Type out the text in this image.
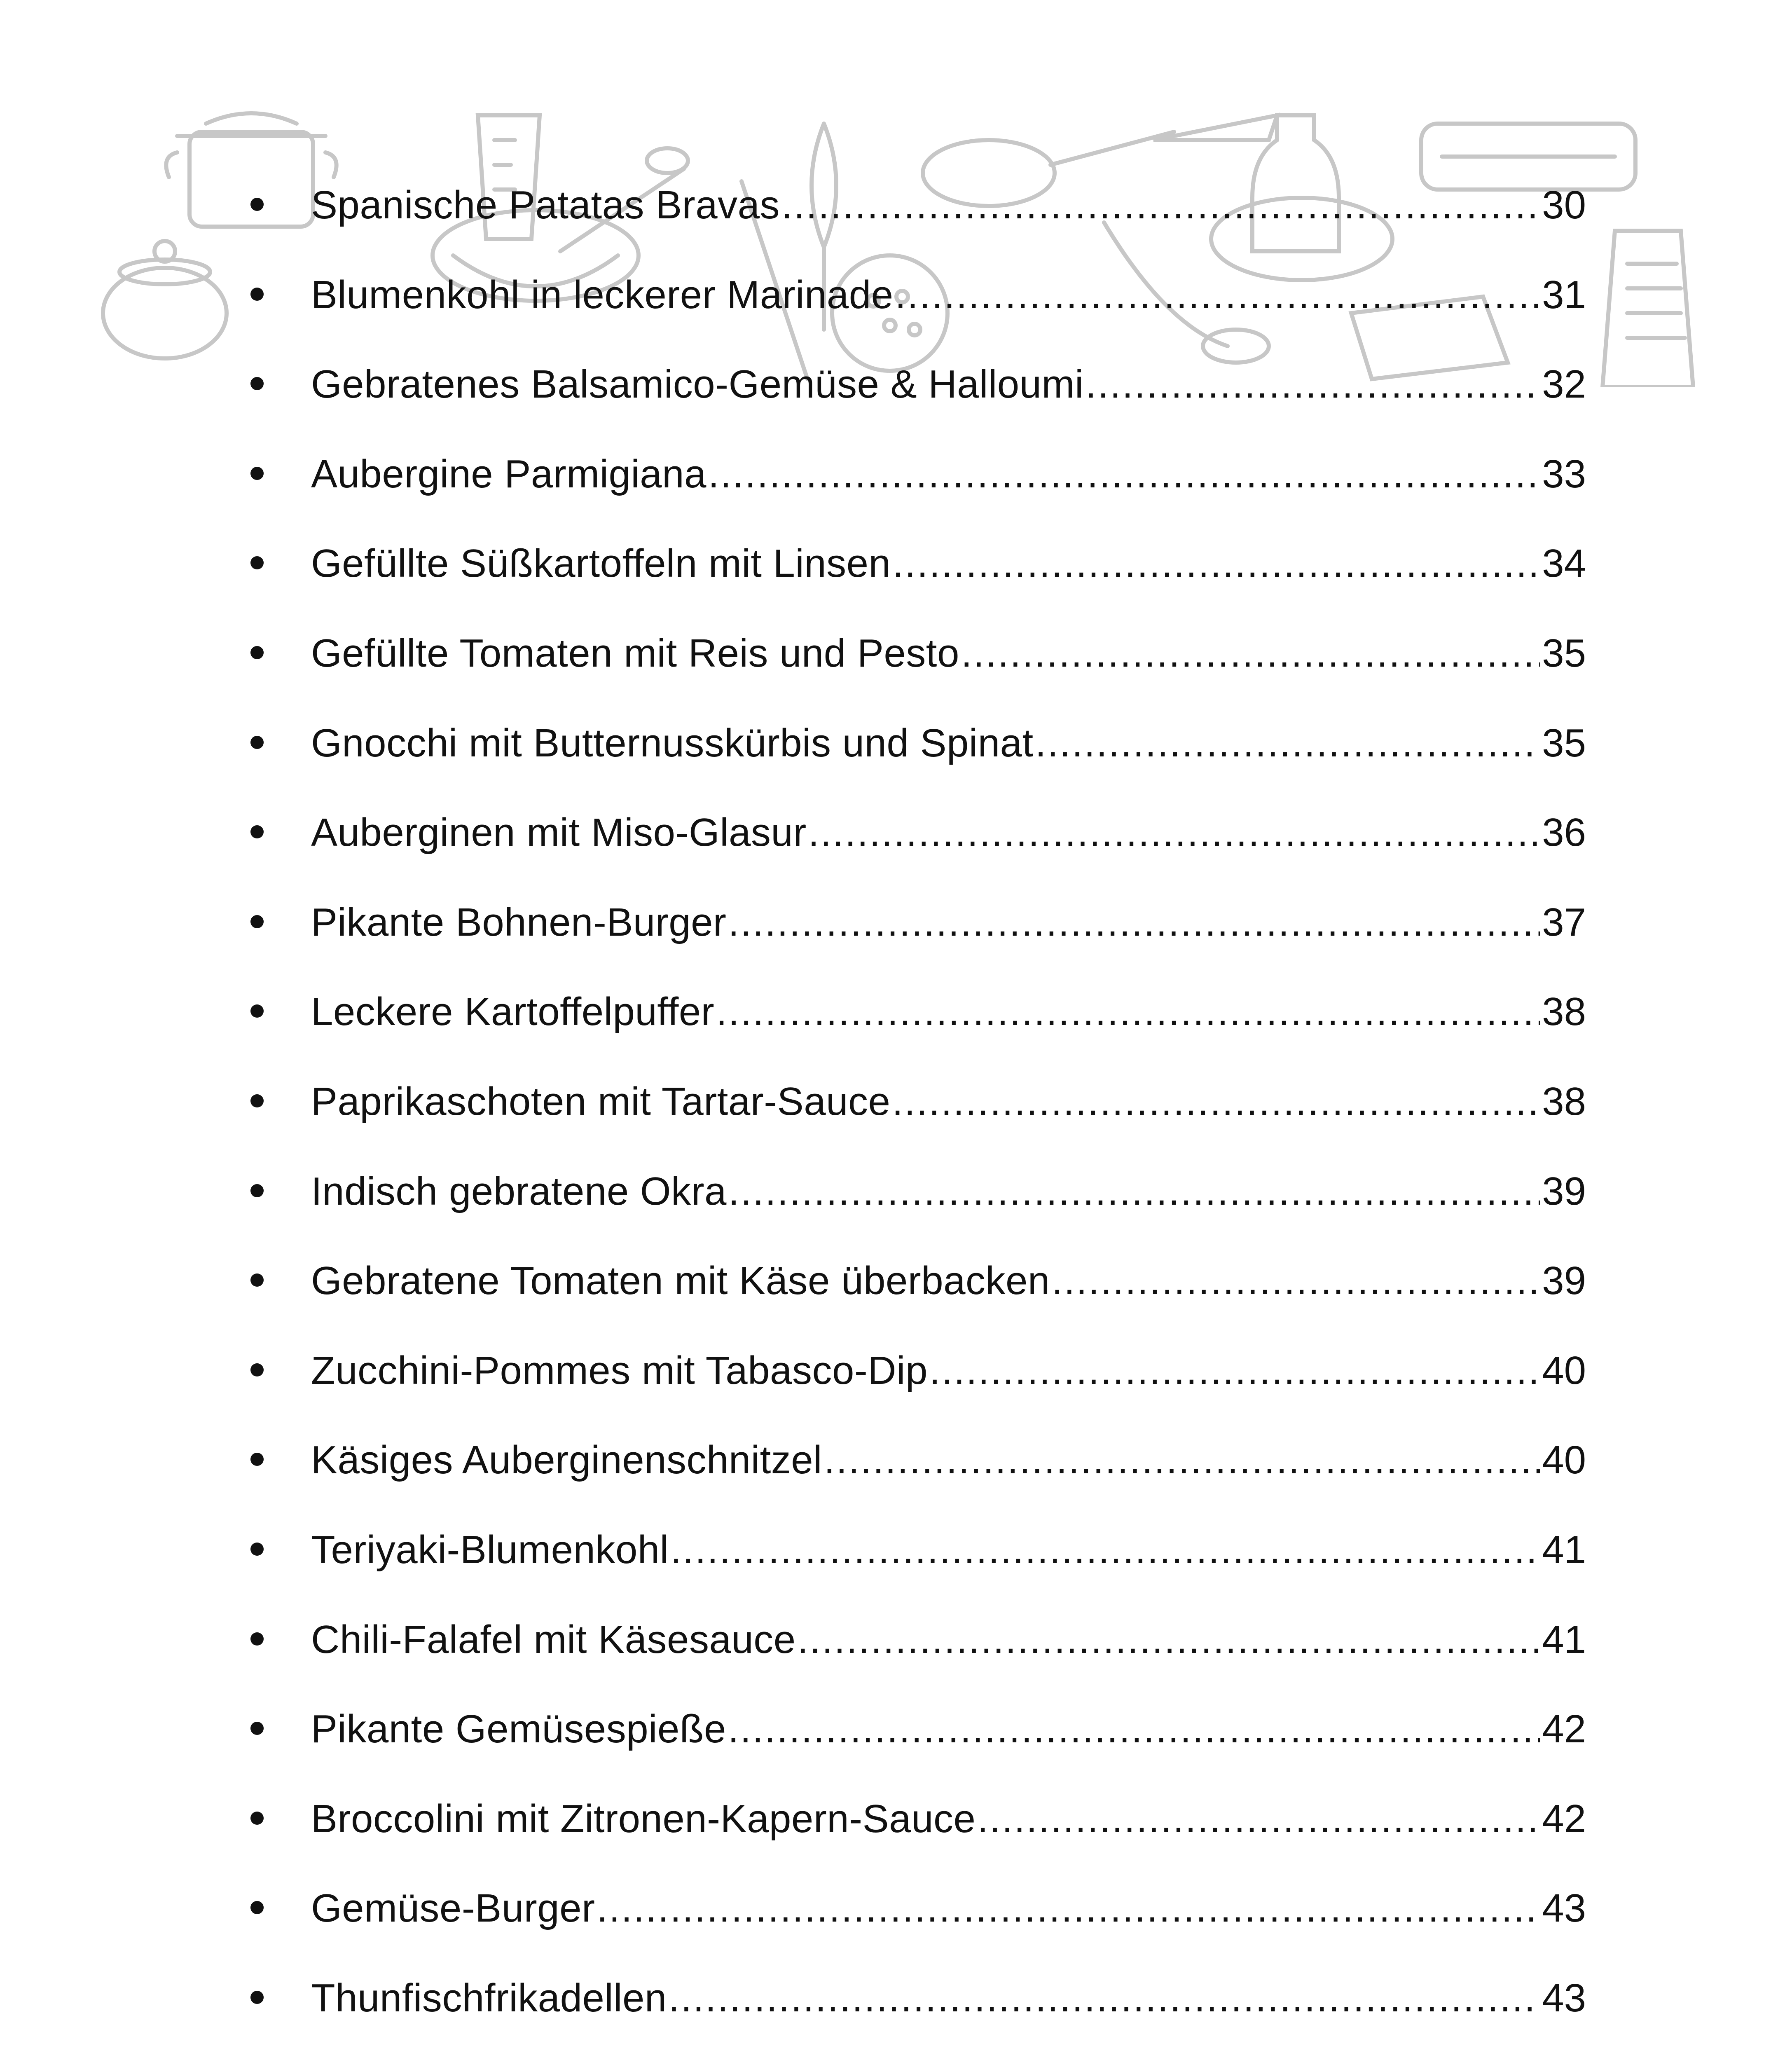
Spanische Patatas Bravas .....	30
Blumenkohl in leckerer Marinade .....	31
Gebratenes Balsamico-Gemüse & Halloumi .....	32
Aubergine Parmigiana .....	33
Gefüllte Süßkartoffeln mit Linsen .....	34
Gefüllte Tomaten mit Reis und Pesto .....	35
Gnocchi mit Butternusskürbis und Spinat .....	35
Auberginen mit Miso-Glasur .....	36
Pikante Bohnen-Burger .....	37
Leckere Kartoffelpuffer .....	38
Paprikaschoten mit Tartar-Sauce .....	38
Indisch gebratene Okra .....	39
Gebratene Tomaten mit Käse überbacken .....	39
Zucchini-Pommes mit Tabasco-Dip .....	40
Käsiges Auberginenschnitzel .....	40
Teriyaki-Blumenkohl .....	41
Chili-Falafel mit Käsesauce .....	41
Pikante Gemüsespieße .....	42
Broccolini mit Zitronen-Kapern-Sauce .....	42
Gemüse-Burger .....	43
Thunfischfrikadellen .....	43
